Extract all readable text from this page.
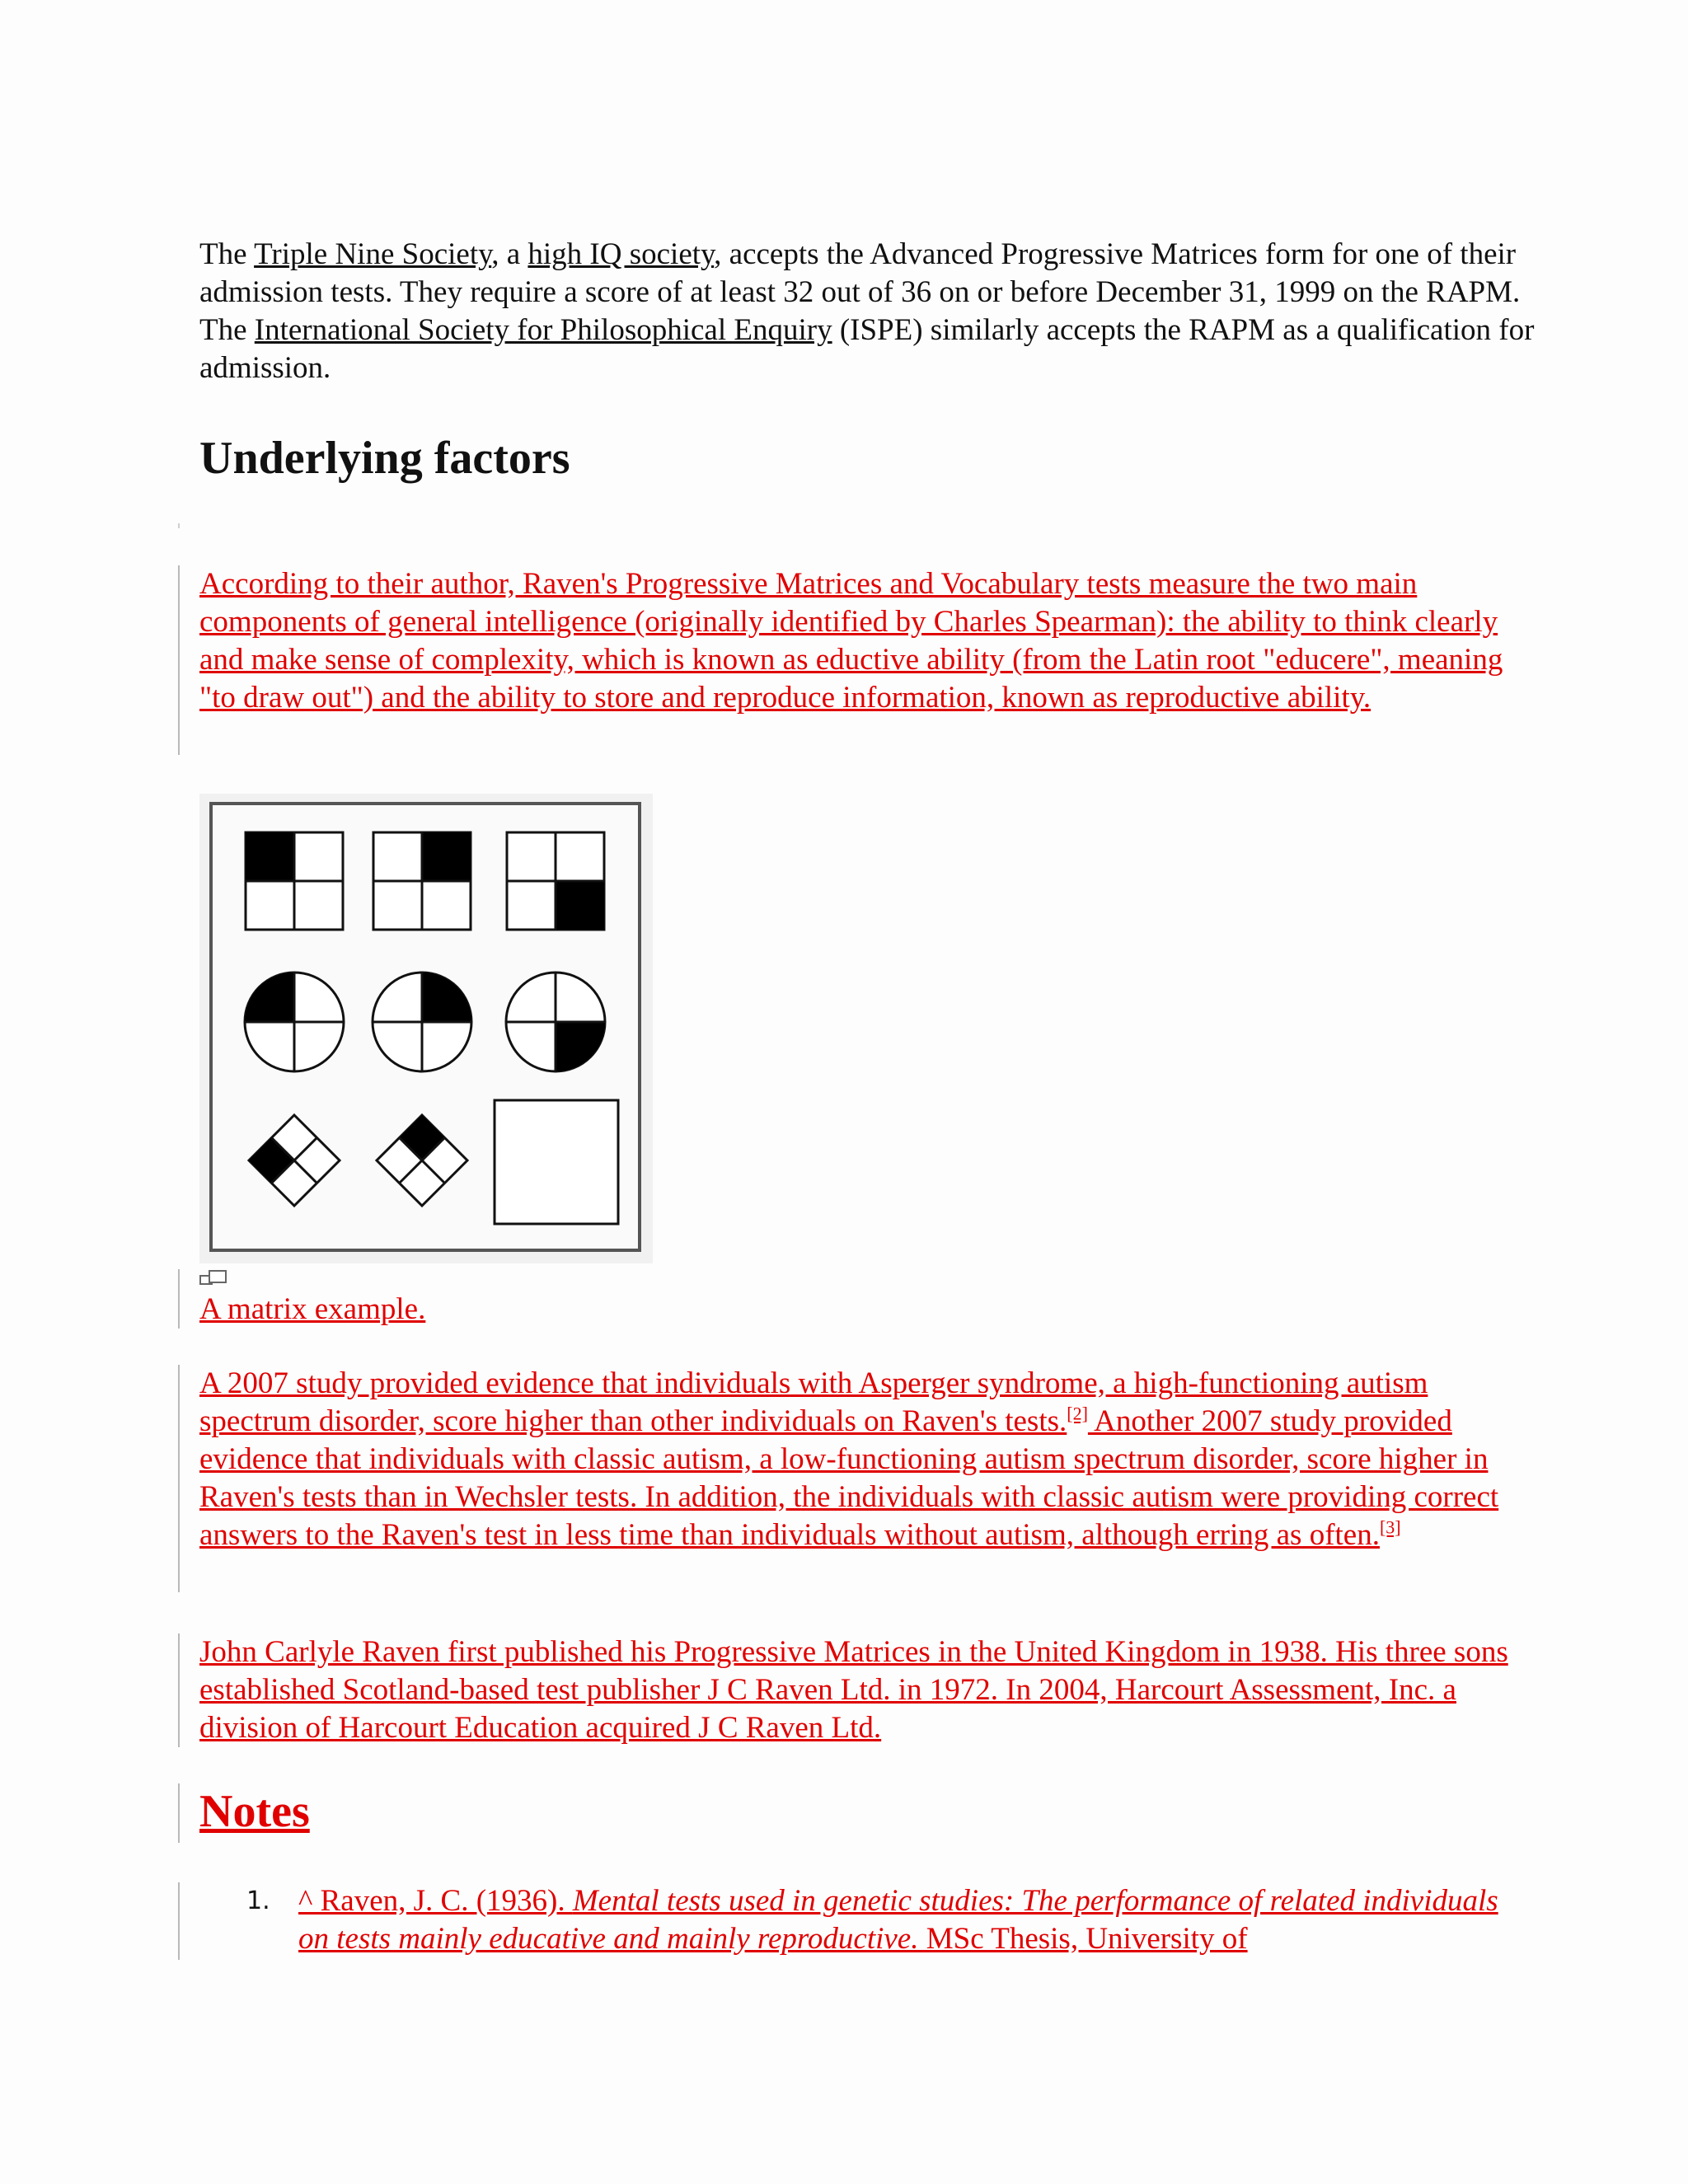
The Triple Nine Society, a high IQ society, accepts the Advanced Progressive Matrices form for one of their admission tests. They require a score of at least 32 out of 36 on or before December 31, 1999 on the RAPM. The International Society for Philosophical Enquiry (ISPE) similarly accepts the RAPM as a qualification for admission.

Underlying factors

According to their author, Raven's Progressive Matrices and Vocabulary tests measure the two main components of general intelligence (originally identified by Charles Spearman): the ability to think clearly and make sense of complexity, which is known as eductive ability (from the Latin root "educere", meaning "to draw out") and the ability to store and reproduce information, known as reproductive ability.

A matrix example.

A 2007 study provided evidence that individuals with Asperger syndrome, a high-functioning autism spectrum disorder, score higher than other individuals on Raven's tests.[2] Another 2007 study provided evidence that individuals with classic autism, a low-functioning autism spectrum disorder, score higher in Raven's tests than in Wechsler tests. In addition, the individuals with classic autism were providing correct answers to the Raven's test in less time than individuals without autism, although erring as often.[3]

John Carlyle Raven first published his Progressive Matrices in the United Kingdom in 1938. His three sons established Scotland-based test publisher J C Raven Ltd. in 1972. In 2004, Harcourt Assessment, Inc. a division of Harcourt Education acquired J C Raven Ltd.

Notes
1. ^ Raven, J. C. (1936). Mental tests used in genetic studies: The performance of related individuals on tests mainly educative and mainly reproductive. MSc Thesis, University of
